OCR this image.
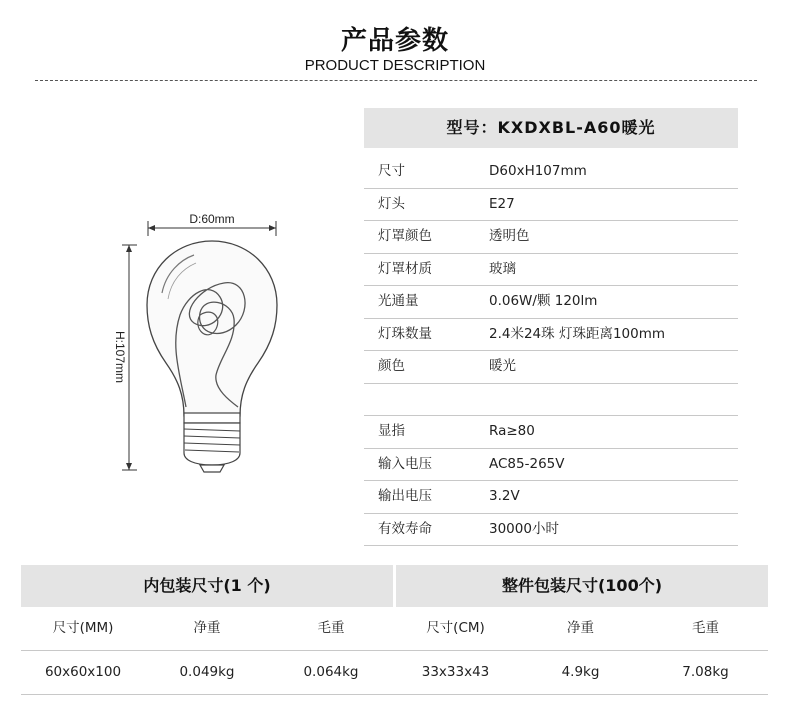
产品参数
PRODUCT DESCRIPTION
D:60mm
H:107mm
型号：KXDXBL-A60暖光
尺寸	D60xH107mm
灯头	E27
灯罩颜色	透明色
灯罩材质	玻璃
光通量	0.06W/颗 120lm
灯珠数量	2.4米24珠 灯珠距离100mm
颜色	暖光
显指	Ra≥80
输入电压	AC85-265V
输出电压	3.2V
有效寿命	30000小时
内包装尺寸(1 个)	整件包装尺寸(100个)
尺寸(MM)	净重	毛重	尺寸(CM)	净重	毛重
60x60x100	0.049kg	0.064kg	33x33x43	4.9kg	7.08kg
